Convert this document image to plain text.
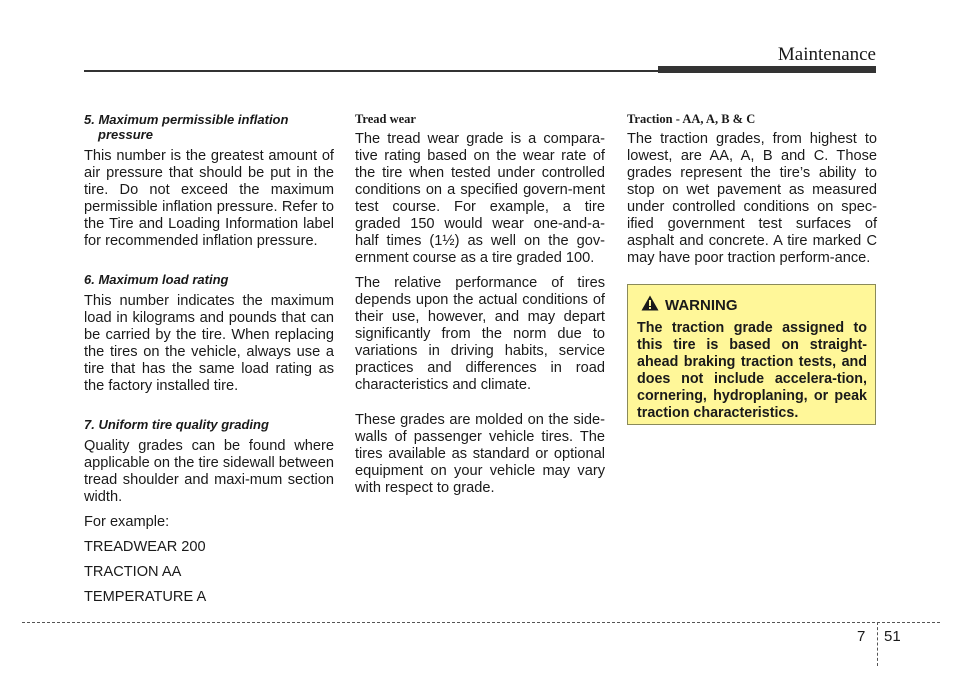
Maintenance
5. Maximum permissible inflation pressure

This number is the greatest amount of air pressure that should be put in the tire. Do not exceed the maximum permissible inflation pressure. Refer to the Tire and Loading Information label for recommended inflation pressure.

6. Maximum load rating

This number indicates the maximum load in kilograms and pounds that can be carried by the tire. When replacing the tires on the vehicle, always use a tire that has the same load rating as the factory installed tire.

7. Uniform tire quality grading

Quality grades can be found where applicable on the tire sidewall between tread shoulder and maxi-mum section width.

For example:

TREADWEAR 200

TRACTION AA

TEMPERATURE A

Tread wear

The tread wear grade is a compara-tive rating based on the wear rate of the tire when tested under controlled conditions on a specified govern-ment test course. For example, a tire graded 150 would wear one-and-a-half times (1½) as well on the gov-ernment course as a tire graded 100.

The relative performance of tires depends upon the actual conditions of their use, however, and may depart significantly from the norm due to variations in driving habits, service practices and differences in road characteristics and climate.

These grades are molded on the side-walls of passenger vehicle tires. The tires available as standard or optional equipment on your vehicle may vary with respect to grade.

Traction - AA, A, B & C

The traction grades, from highest to lowest, are AA, A, B and C. Those grades represent the tire’s ability to stop on wet pavement as measured under controlled conditions on spec-ified government test surfaces of asphalt and concrete. A tire marked C may have poor traction perform-ance.

WARNING

The traction grade assigned to this tire is based on straight-ahead braking traction tests, and does not include accelera-tion, cornering, hydroplaning, or peak traction characteristics.

7 51
